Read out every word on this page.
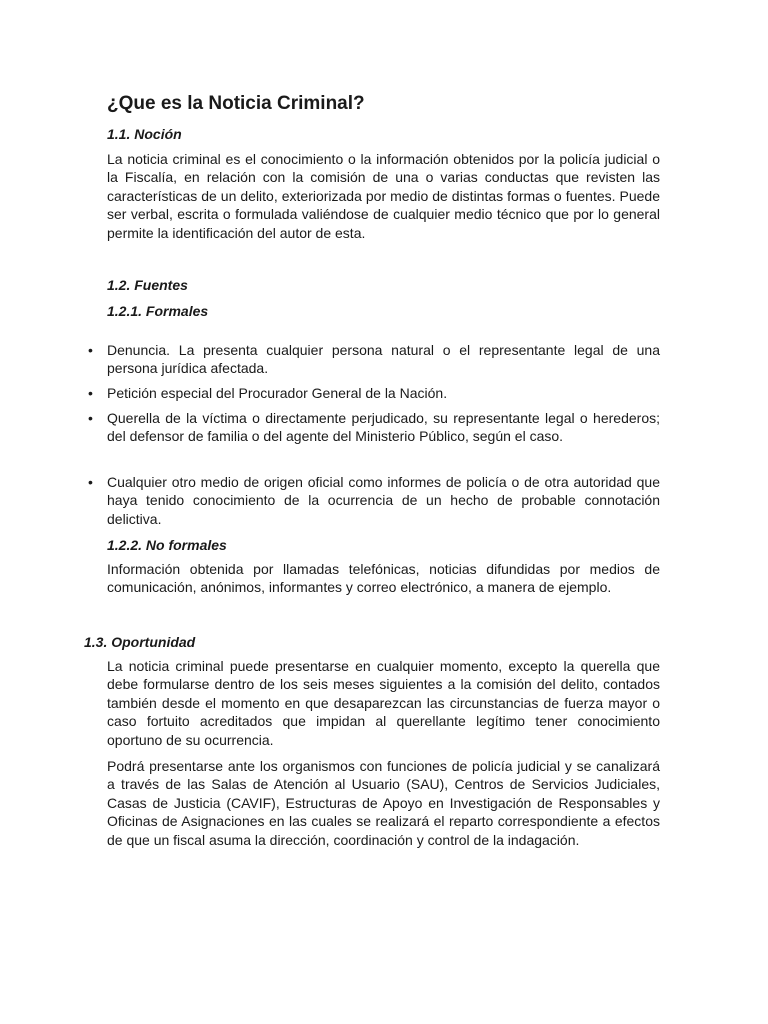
¿Que es la Noticia Criminal?
1.1. Noción

La noticia criminal es el conocimiento o la información obtenidos por la policía judicial o la Fiscalía, en relación con la comisión de una o varias conductas que revisten las características de un delito, exteriorizada por medio de distintas formas o fuentes. Puede ser verbal, escrita o formulada valiéndose de cualquier medio técnico que por lo general permite la identificación del autor de esta.

1.2. Fuentes
1.2.1. Formales
•	Denuncia. La presenta cualquier persona natural o el representante legal de una persona jurídica afectada.
•	Petición especial del Procurador General de la Nación.
•	Querella de la víctima o directamente perjudicado, su representante legal o herederos; del defensor de familia o del agente del Ministerio Público, según el caso.
•	Cualquier otro medio de origen oficial como informes de policía o de otra autoridad que haya tenido conocimiento de la ocurrencia de un hecho de probable connotación delictiva.
1.2.2. No formales

Información obtenida por llamadas telefónicas, noticias difundidas por medios de comunicación, anónimos, informantes y correo electrónico, a manera de ejemplo.

1.3. Oportunidad

La noticia criminal puede presentarse en cualquier momento, excepto la querella que debe formularse dentro de los seis meses siguientes a la comisión del delito, contados también desde el momento en que desaparezcan las circunstancias de fuerza mayor o caso fortuito acreditados que impidan al querellante legítimo tener conocimiento oportuno de su ocurrencia.

Podrá presentarse ante los organismos con funciones de policía judicial y se canalizará a través de las Salas de Atención al Usuario (SAU), Centros de Servicios Judiciales, Casas de Justicia (CAVIF), Estructuras de Apoyo en Investigación de Responsables y Oficinas de Asignaciones en las cuales se realizará el reparto correspondiente a efectos de que un fiscal asuma la dirección, coordinación y control de la indagación.
